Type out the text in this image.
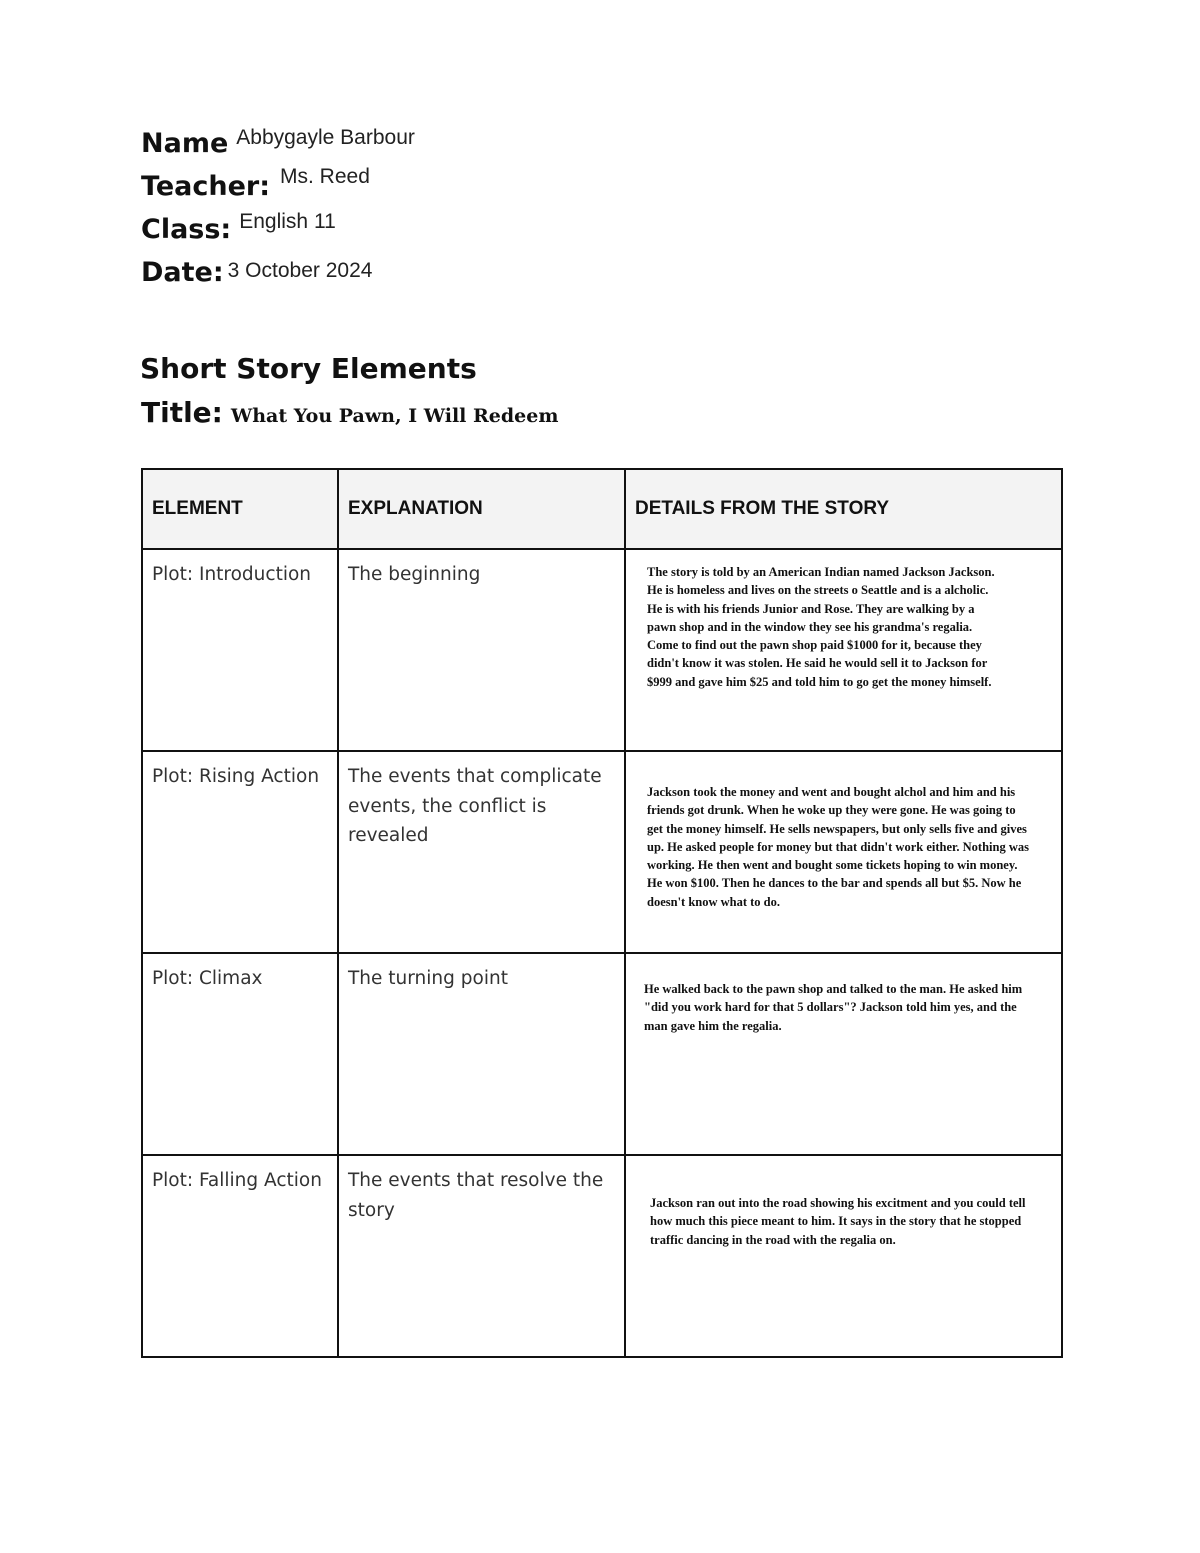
Name Abbygayle Barbour
Teacher: Ms. Reed
Class: English 11
Date: 3 October 2024
Short Story Elements
Title: What You Pawn, I Will Redeem
ELEMENT	EXPLANATION	DETAILS FROM THE STORY

Plot: Introduction	The beginning	The story is told by an American Indian named Jackson Jackson. He is homeless and lives on the streets o Seattle and is a alcholic. He is with his friends Junior and Rose. They are walking by a pawn shop and in the window they see his grandma's regalia. Come to find out the pawn shop paid $1000 for it, because they didn't know it was stolen. He said he would sell it to Jackson for $999 and gave him $25 and told him to go get the money himself.

Plot: Rising Action	The events that complicate events, the conflict is revealed	Jackson took the money and went and bought alchol and him and his friends got drunk. When he woke up they were gone. He was going to get the money himself. He sells newspapers, but only sells five and gives up. He asked people for money but that didn't work either. Nothing was working. He then went and bought some tickets hoping to win money. He won $100. Then he dances to the bar and spends all but $5. Now he doesn't know what to do.

Plot: Climax	The turning point	He walked back to the pawn shop and talked to the man. He asked him "did you work hard for that 5 dollars"? Jackson told him yes, and the man gave him the regalia.

Plot: Falling Action	The events that resolve the story	Jackson ran out into the road showing his excitment and you could tell how much this piece meant to him. It says in the story that he stopped traffic dancing in the road with the regalia on.
